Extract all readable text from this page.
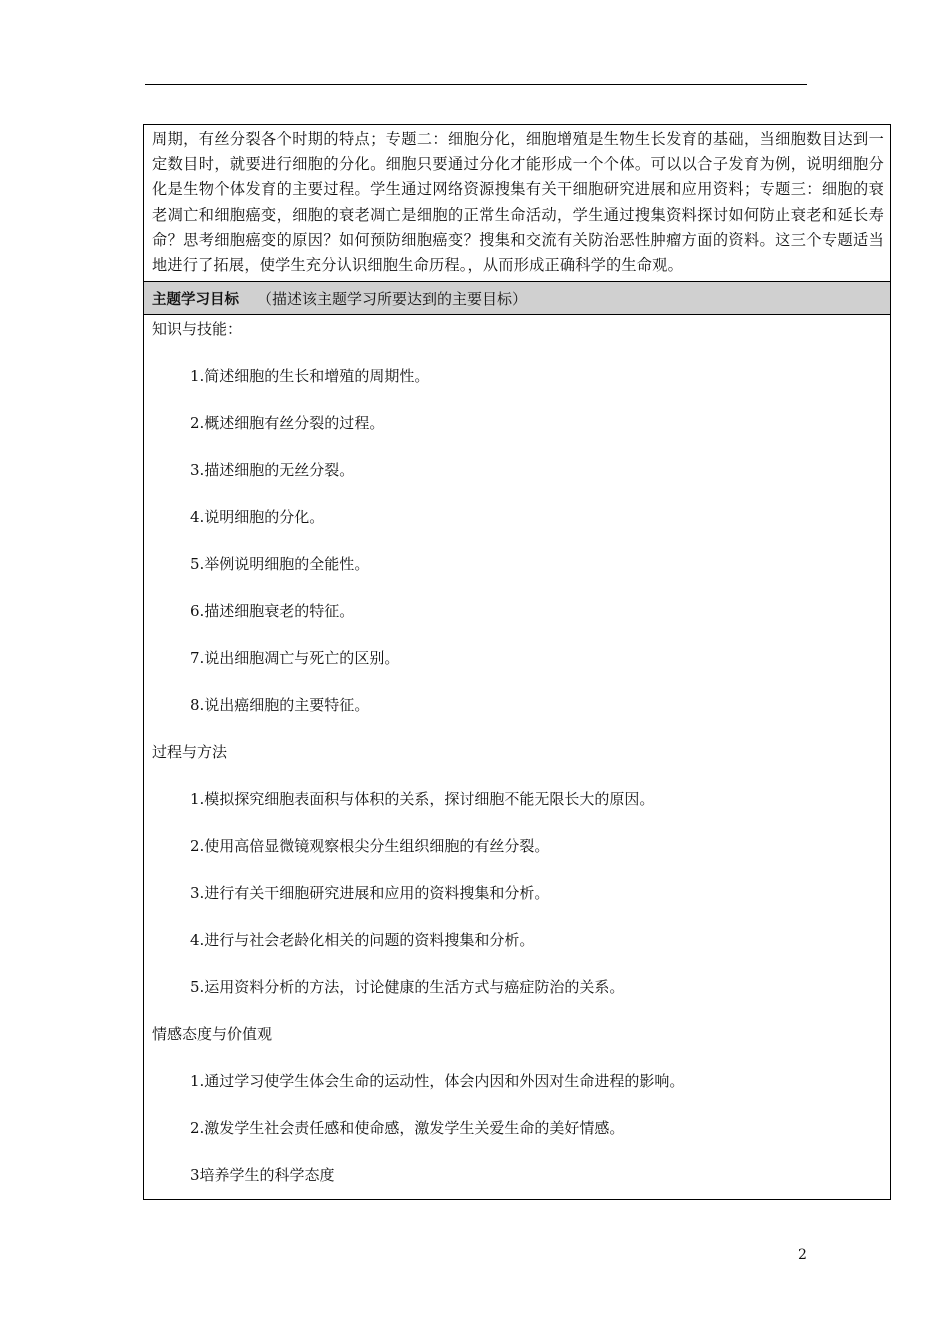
周期，有丝分裂各个时期的特点；专题二：细胞分化，细胞增殖是生物生长发育的基础，当细胞数目达到一定数目时，就要进行细胞的分化。细胞只要通过分化才能形成一个个体。可以以合子发育为例，说明细胞分化是生物个体发育的主要过程。学生通过网络资源搜集有关干细胞研究进展和应用资料；专题三：细胞的衰老凋亡和细胞癌变，细胞的衰老凋亡是细胞的正常生命活动，学生通过搜集资料探讨如何防止衰老和延长寿命？思考细胞癌变的原因？如何预防细胞癌变？搜集和交流有关防治恶性肿瘤方面的资料。这三个专题适当地进行了拓展，使学生充分认识细胞生命历程。，从而形成正确科学的生命观。
主题学习目标 （描述该主题学习所要达到的主要目标）
知识与技能：
1.简述细胞的生长和增殖的周期性。
2.概述细胞有丝分裂的过程。
3.描述细胞的无丝分裂。
4.说明细胞的分化。
5.举例说明细胞的全能性。
6.描述细胞衰老的特征。
7.说出细胞凋亡与死亡的区别。
8.说出癌细胞的主要特征。
过程与方法
1.模拟探究细胞表面积与体积的关系，探讨细胞不能无限长大的原因。
2.使用高倍显微镜观察根尖分生组织细胞的有丝分裂。
3.进行有关干细胞研究进展和应用的资料搜集和分析。
4.进行与社会老龄化相关的问题的资料搜集和分析。
5.运用资料分析的方法，讨论健康的生活方式与癌症防治的关系。
情感态度与价值观
1.通过学习使学生体会生命的运动性，体会内因和外因对生命进程的影响。
2.激发学生社会责任感和使命感，激发学生关爱生命的美好情感。
3培养学生的科学态度
2
